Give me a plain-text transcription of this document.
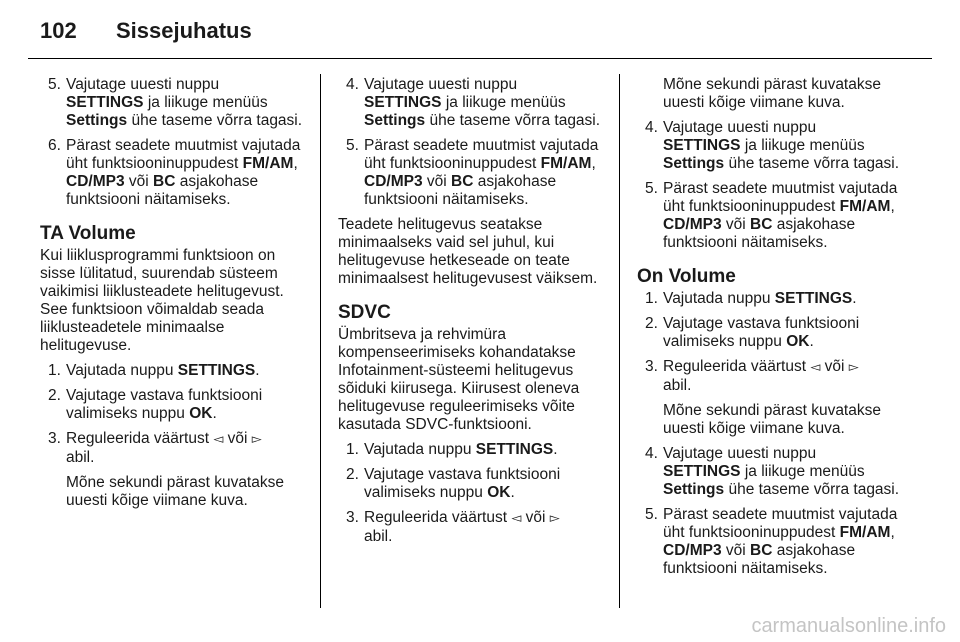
102 Sissejuhatus
5. Vajutage uuesti nuppu
SETTINGS ja liikuge menüüs
Settings ühe taseme võrra tagasi.
6. Pärast seadete muutmist vajutada üht funktsiooninuppudest FM/AM, CD/MP3 või BC asjakohase funktsiooni näitamiseks.
TA Volume
Kui liiklusprogrammi funktsioon on sisse lülitatud, suurendab süsteem vaikimisi liiklusteadete helitugevust. See funktsioon võimaldab seada liiklusteadetele minimaalse helitugevuse.
1. Vajutada nuppu SETTINGS.
2. Vajutage vastava funktsiooni valimiseks nuppu OK.
3. Reguleerida väärtust ◅ või ▻
abil.
Mõne sekundi pärast kuvatakse uuesti kõige viimane kuva.
4. Vajutage uuesti nuppu
SETTINGS ja liikuge menüüs
Settings ühe taseme võrra tagasi.
5. Pärast seadete muutmist vajutada üht funktsiooninuppudest FM/AM, CD/MP3 või BC asjakohase funktsiooni näitamiseks.
Teadete helitugevus seatakse minimaalseks vaid sel juhul, kui helitugevuse hetkeseade on teate minimaalsest helitugevusest väiksem.
SDVC
Ümbritseva ja rehvimüra kompenseerimiseks kohandatakse Infotainment-süsteemi helitugevus sõiduki kiirusega. Kiirusest oleneva helitugevuse reguleerimiseks võite kasutada SDVC-funktsiooni.
1. Vajutada nuppu SETTINGS.
2. Vajutage vastava funktsiooni valimiseks nuppu OK.
3. Reguleerida väärtust ◅ või ▻
abil.
Mõne sekundi pärast kuvatakse uuesti kõige viimane kuva.
4. Vajutage uuesti nuppu
SETTINGS ja liikuge menüüs
Settings ühe taseme võrra tagasi.
5. Pärast seadete muutmist vajutada üht funktsiooninuppudest FM/AM, CD/MP3 või BC asjakohase funktsiooni näitamiseks.
On Volume
1. Vajutada nuppu SETTINGS.
2. Vajutage vastava funktsiooni valimiseks nuppu OK.
3. Reguleerida väärtust ◅ või ▻
abil.
Mõne sekundi pärast kuvatakse uuesti kõige viimane kuva.
4. Vajutage uuesti nuppu
SETTINGS ja liikuge menüüs
Settings ühe taseme võrra tagasi.
5. Pärast seadete muutmist vajutada üht funktsiooninuppudest FM/AM, CD/MP3 või BC asjakohase funktsiooni näitamiseks.
carmanualsonline.info
